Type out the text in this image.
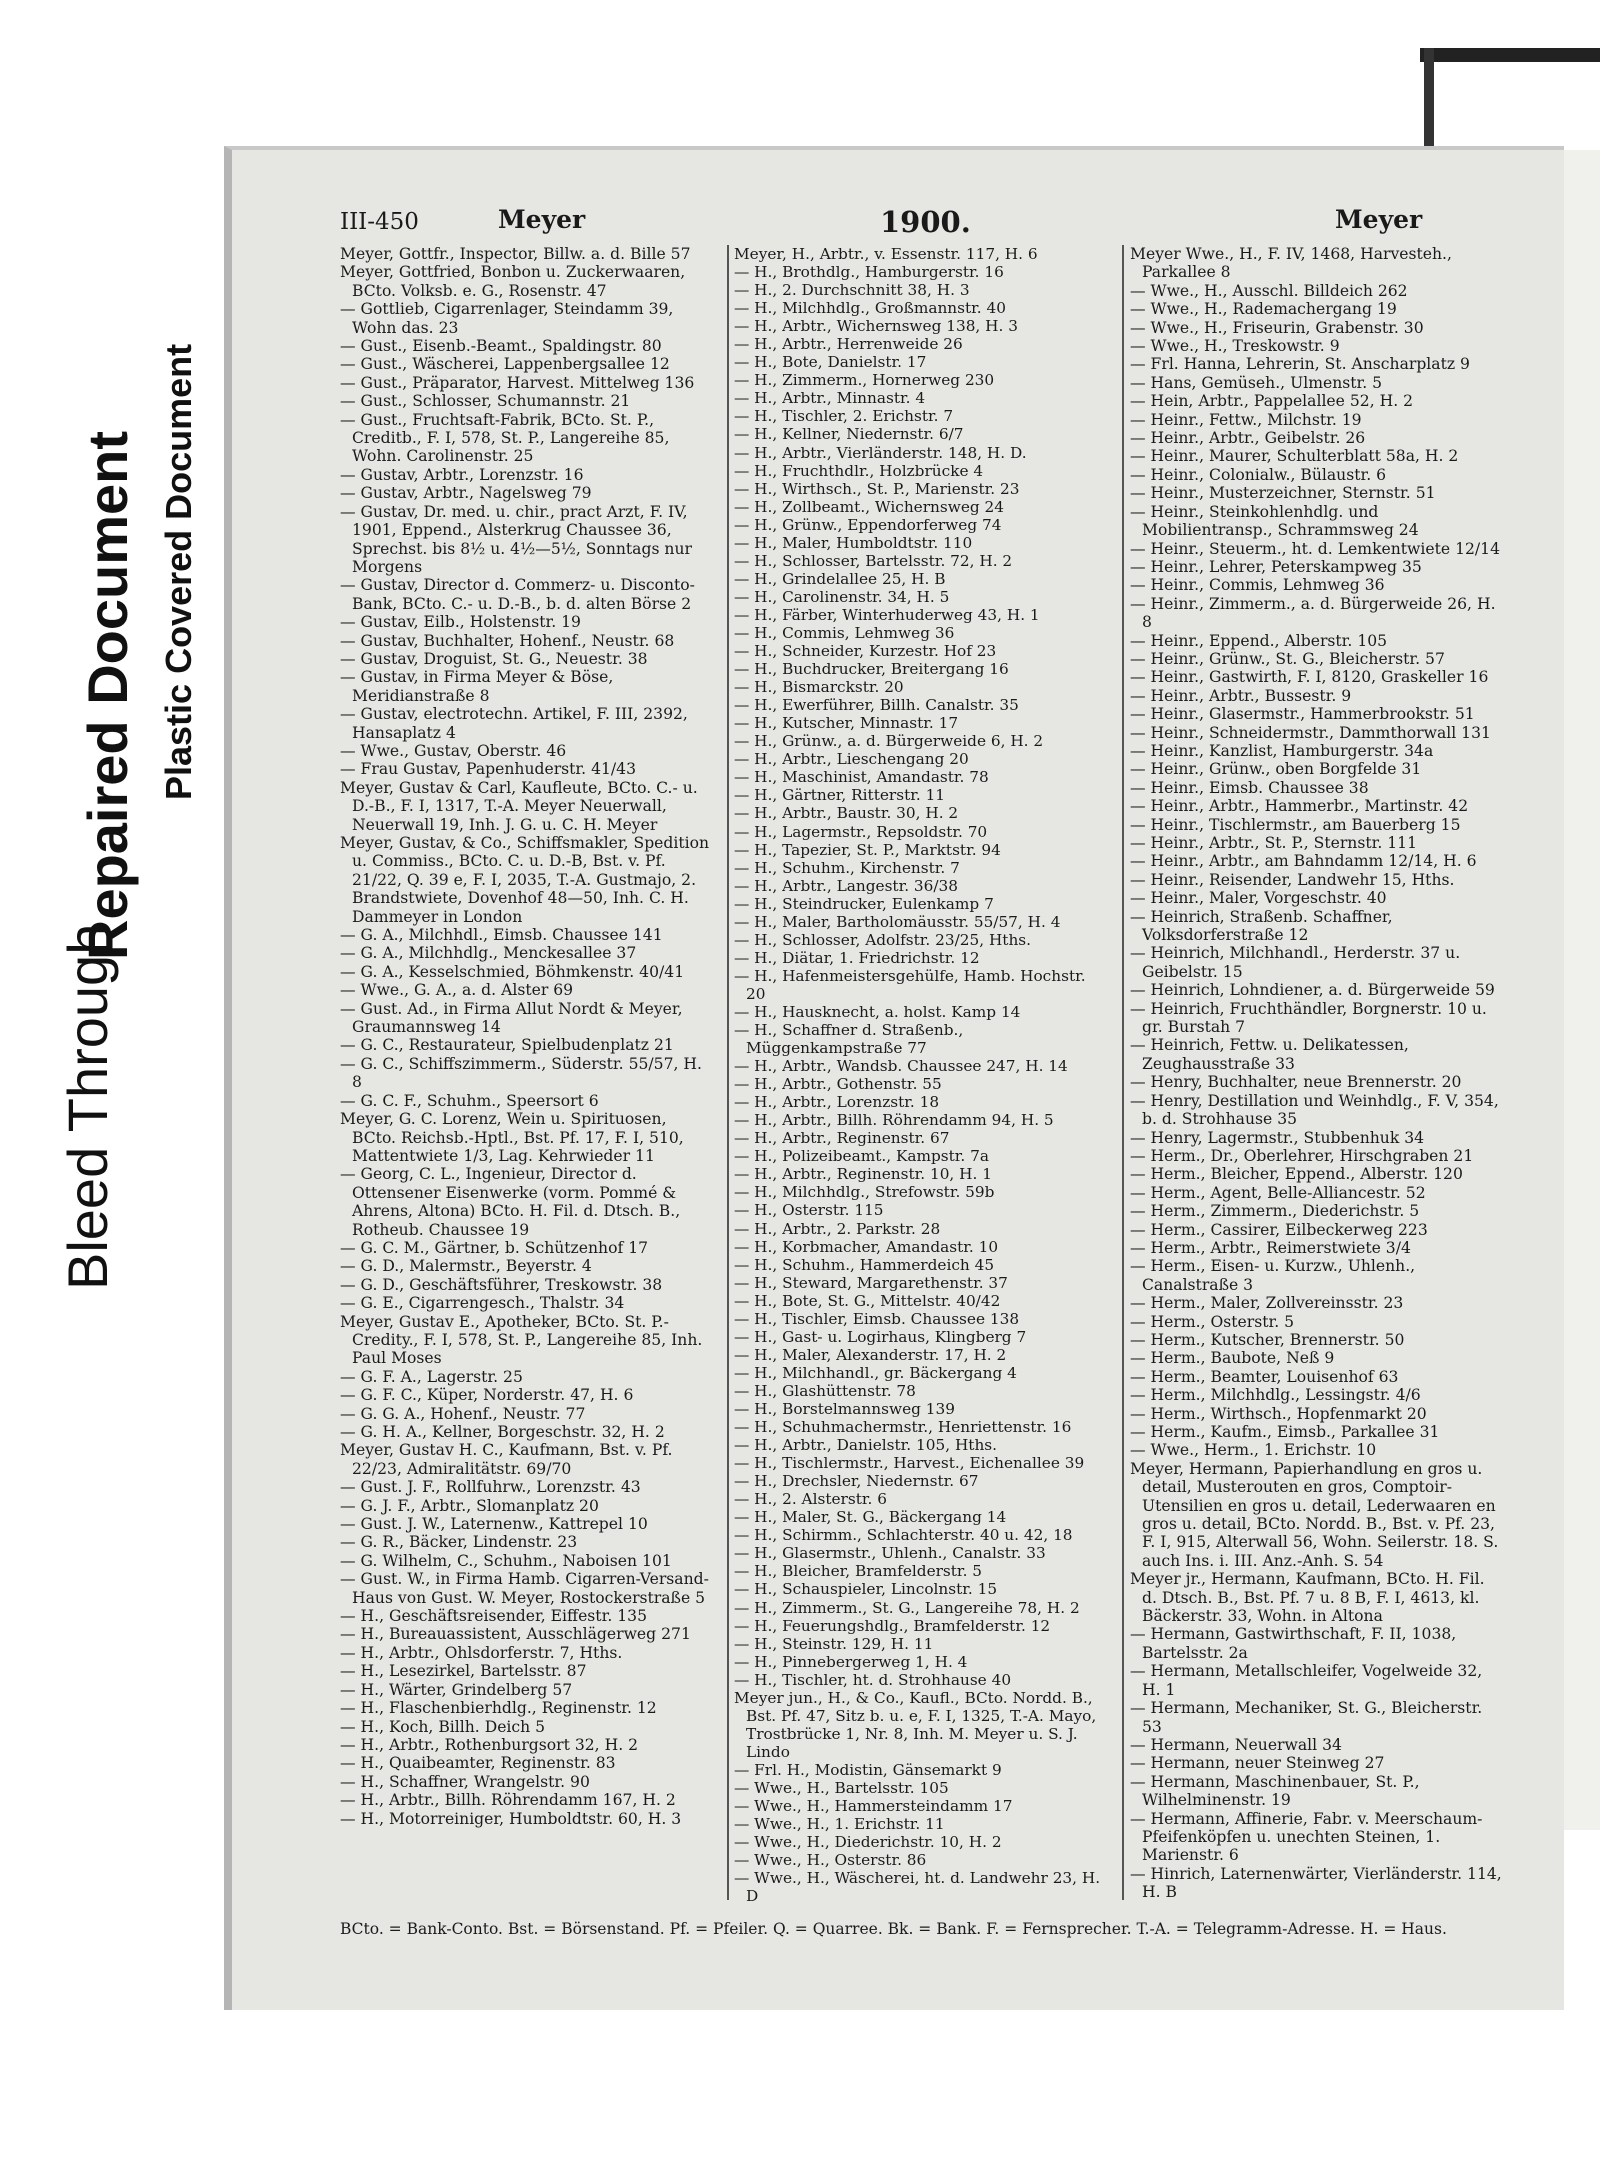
Bleed Through
Repaired Document Plastic Covered Document
III-450	Meyer	1900.	Meyer

Meyer, Gottfr., Inspector, Billw. a. d. Bille 57

Meyer, Gottfried, Bonbon u. Zuckerwaaren, BCto. Volksb. e. G., Rosenstr. 47

— Gottlieb, Cigarrenlager, Steindamm 39, Wohn das. 23

— Gust., Eisenb.-Beamt., Spaldingstr. 80

— Gust., Wäscherei, Lappenbergsallee 12

— Gust., Präparator, Harvest. Mittelweg 136

— Gust., Schlosser, Schumannstr. 21

— Gust., Fruchtsaft-Fabrik, BCto. St. P., Creditb., F. I, 578, St. P., Langereihe 85, Wohn. Carolinenstr. 25

— Gustav, Arbtr., Lorenzstr. 16

— Gustav, Arbtr., Nagelsweg 79

— Gustav, Dr. med. u. chir., pract Arzt, F. IV, 1901, Eppend., Alsterkrug Chaussee 36, Sprechst. bis 8½ u. 4½—5½, Sonntags nur Morgens

— Gustav, Director d. Commerz- u. Disconto-Bank, BCto. C.- u. D.-B., b. d. alten Börse 2

— Gustav, Eilb., Holstenstr. 19

— Gustav, Buchhalter, Hohenf., Neustr. 68

— Gustav, Droguist, St. G., Neuestr. 38

— Gustav, in Firma Meyer & Böse, Meridianstraße 8

— Gustav, electrotechn. Artikel, F. III, 2392, Hansaplatz 4

— Wwe., Gustav, Oberstr. 46

— Frau Gustav, Papenhuderstr. 41/43

Meyer, Gustav & Carl, Kaufleute, BCto. C.- u. D.-B., F. I, 1317, T.-A. Meyer Neuerwall, Neuerwall 19, Inh. J. G. u. C. H. Meyer

Meyer, Gustav, & Co., Schiffsmakler, Spedition u. Commiss., BCto. C. u. D.-B, Bst. v. Pf. 21/22, Q. 39 e, F. I, 2035, T.-A. Gustmajo, 2. Brandstwiete, Dovenhof 48—50, Inh. C. H. Dammeyer in London

— G. A., Milchhdl., Eimsb. Chaussee 141

— G. A., Milchhdlg., Menckesallee 37

— G. A., Kesselschmied, Böhmkenstr. 40/41

— Wwe., G. A., a. d. Alster 69

— Gust. Ad., in Firma Allut Nordt & Meyer, Graumannsweg 14

— G. C., Restaurateur, Spielbudenplatz 21

— G. C., Schiffszimmerm., Süderstr. 55/57, H. 8

— G. C. F., Schuhm., Speersort 6

Meyer, G. C. Lorenz, Wein u. Spirituosen, BCto. Reichsb.-Hptl., Bst. Pf. 17, F. I, 510, Mattentwiete 1/3, Lag. Kehrwieder 11

— Georg, C. L., Ingenieur, Director d. Ottensener Eisenwerke (vorm. Pommé & Ahrens, Altona) BCto. H. Fil. d. Dtsch. B., Rotheub. Chaussee 19

— G. C. M., Gärtner, b. Schützenhof 17

— G. D., Malermstr., Beyerstr. 4

— G. D., Geschäftsführer, Treskowstr. 38

— G. E., Cigarrengesch., Thalstr. 34

Meyer, Gustav E., Apotheker, BCto. St. P.-Credity., F. I, 578, St. P., Langereihe 85, Inh. Paul Moses

— G. F. A., Lagerstr. 25

— G. F. C., Küper, Norderstr. 47, H. 6

— G. G. A., Hohenf., Neustr. 77

— G. H. A., Kellner, Borgeschstr. 32, H. 2

Meyer, Gustav H. C., Kaufmann, Bst. v. Pf. 22/23, Admiralitätstr. 69/70

— Gust. J. F., Rollfuhrw., Lorenzstr. 43

— G. J. F., Arbtr., Slomanplatz 20

— Gust. J. W., Laternenw., Kattrepel 10

— G. R., Bäcker, Lindenstr. 23

— G. Wilhelm, C., Schuhm., Naboisen 101

— Gust. W., in Firma Hamb. Cigarren-Versand-Haus von Gust. W. Meyer, Rostockerstraße 5

— H., Geschäftsreisender, Eiffestr. 135

— H., Bureauassistent, Ausschlägerweg 271

— H., Arbtr., Ohlsdorferstr. 7, Hths.

— H., Lesezirkel, Bartelsstr. 87

— H., Wärter, Grindelberg 57

— H., Flaschenbierhdlg., Reginenstr. 12

— H., Koch, Billh. Deich 5

— H., Arbtr., Rothenburgsort 32, H. 2

— H., Quaibeamter, Reginenstr. 83

— H., Schaffner, Wrangelstr. 90

— H., Arbtr., Billh. Röhrendamm 167, H. 2

— H., Motorreiniger, Humboldtstr. 60, H. 3

Meyer, H., Arbtr., v. Essenstr. 117, H. 6

— H., Brothdlg., Hamburgerstr. 16

— H., 2. Durchschnitt 38, H. 3

— H., Milchhdlg., Großmannstr. 40

— H., Arbtr., Wichernsweg 138, H. 3

— H., Arbtr., Herrenweide 26

— H., Bote, Danielstr. 17

— H., Zimmerm., Hornerweg 230

— H., Arbtr., Minnastr. 4

— H., Tischler, 2. Erichstr. 7

— H., Kellner, Niedernstr. 6/7

— H., Arbtr., Vierländerstr. 148, H. D.

— H., Fruchthdlr., Holzbrücke 4

— H., Wirthsch., St. P., Marienstr. 23

— H., Zollbeamt., Wichernsweg 24

— H., Grünw., Eppendorferweg 74

— H., Maler, Humboldtstr. 110

— H., Schlosser, Bartelsstr. 72, H. 2

— H., Grindelallee 25, H. B

— H., Carolinenstr. 34, H. 5

— H., Färber, Winterhuderweg 43, H. 1

— H., Commis, Lehmweg 36

— H., Schneider, Kurzestr. Hof 23

— H., Buchdrucker, Breitergang 16

— H., Bismarckstr. 20

— H., Ewerführer, Billh. Canalstr. 35

— H., Kutscher, Minnastr. 17

— H., Grünw., a. d. Bürgerweide 6, H. 2

— H., Arbtr., Lieschengang 20

— H., Maschinist, Amandastr. 78

— H., Gärtner, Ritterstr. 11

— H., Arbtr., Baustr. 30, H. 2

— H., Lagermstr., Repsoldstr. 70

— H., Tapezier, St. P., Marktstr. 94

— H., Schuhm., Kirchenstr. 7

— H., Arbtr., Langestr. 36/38

— H., Steindrucker, Eulenkamp 7

— H., Maler, Bartholomäusstr. 55/57, H. 4

— H., Schlosser, Adolfstr. 23/25, Hths.

— H., Diätar, 1. Friedrichstr. 12

— H., Hafenmeistersgehülfe, Hamb. Hochstr. 20

— H., Hausknecht, a. holst. Kamp 14

— H., Schaffner d. Straßenb., Müggenkampstraße 77

— H., Arbtr., Wandsb. Chaussee 247, H. 14

— H., Arbtr., Gothenstr. 55

— H., Arbtr., Lorenzstr. 18

— H., Arbtr., Billh. Röhrendamm 94, H. 5

— H., Arbtr., Reginenstr. 67

— H., Polizeibeamt., Kampstr. 7a

— H., Arbtr., Reginenstr. 10, H. 1

— H., Milchhdlg., Strefowstr. 59b

— H., Osterstr. 115

— H., Arbtr., 2. Parkstr. 28

— H., Korbmacher, Amandastr. 10

— H., Schuhm., Hammerdeich 45

— H., Steward, Margarethenstr. 37

— H., Bote, St. G., Mittelstr. 40/42

— H., Tischler, Eimsb. Chaussee 138

— H., Gast- u. Logirhaus, Klingberg 7

— H., Maler, Alexanderstr. 17, H. 2

— H., Milchhandl., gr. Bäckergang 4

— H., Glashüttenstr. 78

— H., Borstelmannsweg 139

— H., Schuhmachermstr., Henriettenstr. 16

— H., Arbtr., Danielstr. 105, Hths.

— H., Tischlermstr., Harvest., Eichenallee 39

— H., Drechsler, Niedernstr. 67

— H., 2. Alsterstr. 6

— H., Maler, St. G., Bäckergang 14

— H., Schirmm., Schlachterstr. 40 u. 42, 18

— H., Glasermstr., Uhlenh., Canalstr. 33

— H., Bleicher, Bramfelderstr. 5

— H., Schauspieler, Lincolnstr. 15

— H., Zimmerm., St. G., Langereihe 78, H. 2

— H., Feuerungshdlg., Bramfelderstr. 12

— H., Steinstr. 129, H. 11

— H., Pinnebergerweg 1, H. 4

— H., Tischler, ht. d. Strohhause 40

Meyer jun., H., & Co., Kaufl., BCto. Nordd. B., Bst. Pf. 47, Sitz b. u. e, F. I, 1325, T.-A. Mayo, Trostbrücke 1, Nr. 8, Inh. M. Meyer u. S. J. Lindo

— Frl. H., Modistin, Gänsemarkt 9

— Wwe., H., Bartelsstr. 105

— Wwe., H., Hammersteindamm 17

— Wwe., H., 1. Erichstr. 11

— Wwe., H., Diederichstr. 10, H. 2

— Wwe., H., Osterstr. 86

— Wwe., H., Wäscherei, ht. d. Landwehr 23, H. D

Meyer Wwe., H., F. IV, 1468, Harvesteh., Parkallee 8

— Wwe., H., Ausschl. Billdeich 262

— Wwe., H., Rademachergang 19

— Wwe., H., Friseurin, Grabenstr. 30

— Wwe., H., Treskowstr. 9

— Frl. Hanna, Lehrerin, St. Anscharplatz 9

— Hans, Gemüseh., Ulmenstr. 5

— Hein, Arbtr., Pappelallee 52, H. 2

— Heinr., Fettw., Milchstr. 19

— Heinr., Arbtr., Geibelstr. 26

— Heinr., Maurer, Schulterblatt 58a, H. 2

— Heinr., Colonialw., Bülaustr. 6

— Heinr., Musterzeichner, Sternstr. 51

— Heinr., Steinkohlenhdlg. und Mobilientransp., Schrammsweg 24

— Heinr., Steuerm., ht. d. Lemkentwiete 12/14

— Heinr., Lehrer, Peterskampweg 35

— Heinr., Commis, Lehmweg 36

— Heinr., Zimmerm., a. d. Bürgerweide 26, H. 8

— Heinr., Eppend., Alberstr. 105

— Heinr., Grünw., St. G., Bleicherstr. 57

— Heinr., Gastwirth, F. I, 8120, Graskeller 16

— Heinr., Arbtr., Bussestr. 9

— Heinr., Glasermstr., Hammerbrookstr. 51

— Heinr., Schneidermstr., Dammthorwall 131

— Heinr., Kanzlist, Hamburgerstr. 34a

— Heinr., Grünw., oben Borgfelde 31

— Heinr., Eimsb. Chaussee 38

— Heinr., Arbtr., Hammerbr., Martinstr. 42

— Heinr., Tischlermstr., am Bauerberg 15

— Heinr., Arbtr., St. P., Sternstr. 111

— Heinr., Arbtr., am Bahndamm 12/14, H. 6

— Heinr., Reisender, Landwehr 15, Hths.

— Heinr., Maler, Vorgeschstr. 40

— Heinrich, Straßenb. Schaffner, Volksdorferstraße 12

— Heinrich, Milchhandl., Herderstr. 37 u. Geibelstr. 15

— Heinrich, Lohndiener, a. d. Bürgerweide 59

— Heinrich, Fruchthändler, Borgnerstr. 10 u. gr. Burstah 7

— Heinrich, Fettw. u. Delikatessen, Zeughausstraße 33

— Henry, Buchhalter, neue Brennerstr. 20

— Henry, Destillation und Weinhdlg., F. V, 354, b. d. Strohhause 35

— Henry, Lagermstr., Stubbenhuk 34

— Herm., Dr., Oberlehrer, Hirschgraben 21

— Herm., Bleicher, Eppend., Alberstr. 120

— Herm., Agent, Belle-Alliancestr. 52

— Herm., Zimmerm., Diederichstr. 5

— Herm., Cassirer, Eilbeckerweg 223

— Herm., Arbtr., Reimerstwiete 3/4

— Herm., Eisen- u. Kurzw., Uhlenh., Canalstraße 3

— Herm., Maler, Zollvereinsstr. 23

— Herm., Osterstr. 5

— Herm., Kutscher, Brennerstr. 50

— Herm., Baubote, Neß 9

— Herm., Beamter, Louisenhof 63

— Herm., Milchhdlg., Lessingstr. 4/6

— Herm., Wirthsch., Hopfenmarkt 20

— Herm., Kaufm., Eimsb., Parkallee 31

— Wwe., Herm., 1. Erichstr. 10

Meyer, Hermann, Papierhandlung en gros u. detail, Musterouten en gros, Comptoir-Utensilien en gros u. detail, Lederwaaren en gros u. detail, BCto. Nordd. B., Bst. v. Pf. 23, F. I, 915, Alterwall 56, Wohn. Seilerstr. 18. S. auch Ins. i. III. Anz.-Anh. S. 54

Meyer jr., Hermann, Kaufmann, BCto. H. Fil. d. Dtsch. B., Bst. Pf. 7 u. 8 B, F. I, 4613, kl. Bäckerstr. 33, Wohn. in Altona

— Hermann, Gastwirthschaft, F. II, 1038, Bartelsstr. 2a

— Hermann, Metallschleifer, Vogelweide 32, H. 1

— Hermann, Mechaniker, St. G., Bleicherstr. 53

— Hermann, Neuerwall 34

— Hermann, neuer Steinweg 27

— Hermann, Maschinenbauer, St. P., Wilhelminenstr. 19

— Hermann, Affinerie, Fabr. v. Meerschaum-Pfeifenköpfen u. unechten Steinen, 1. Marienstr. 6

— Hinrich, Laternenwärter, Vierländerstr. 114, H. B

BCto. = Bank-Conto. Bst. = Börsenstand. Pf. = Pfeiler. Q. = Quarree. Bk. = Bank. F. = Fernsprecher. T.-A. = Telegramm-Adresse. H. = Haus.
